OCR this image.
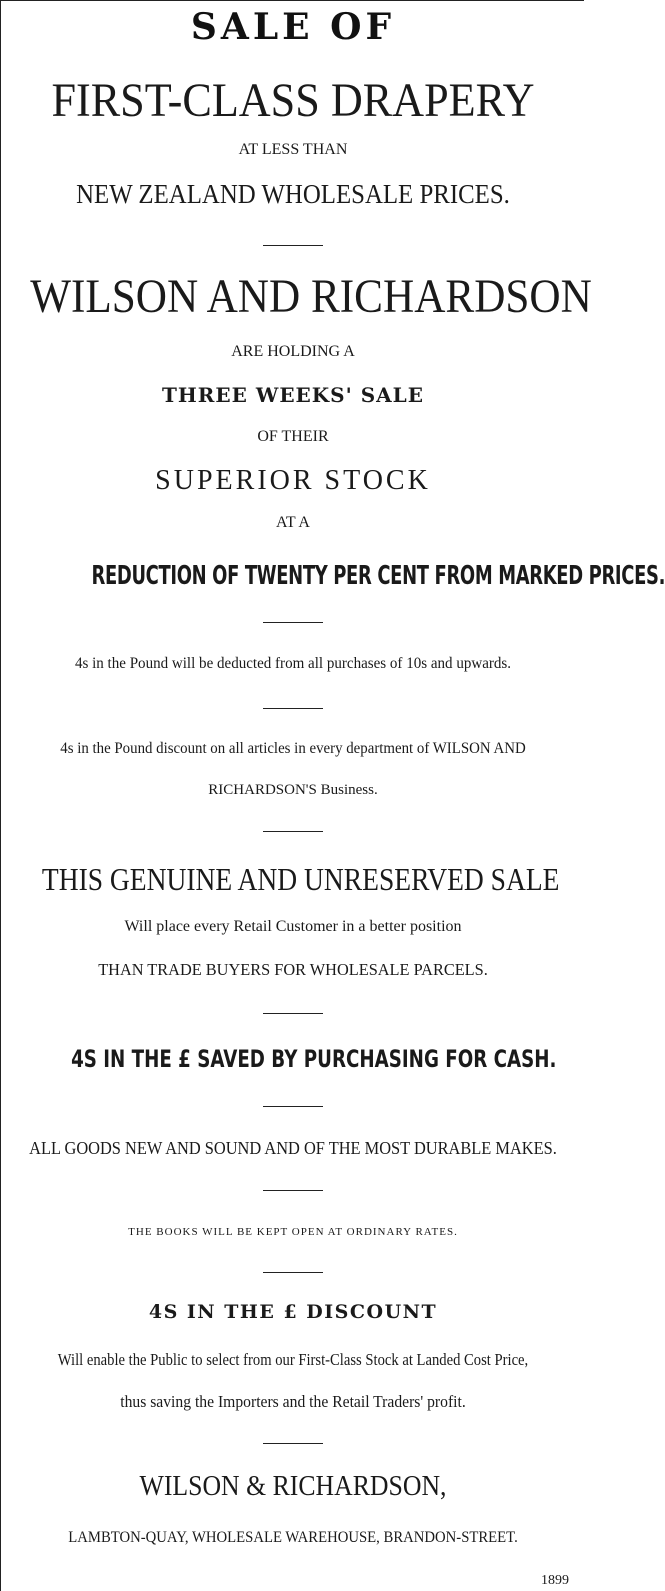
SALE OF
FIRST-CLASS DRAPERY
AT LESS THAN
NEW ZEALAND WHOLESALE PRICES.
WILSON AND RICHARDSON
ARE HOLDING A
THREE WEEKS' SALE
OF THEIR
SUPERIOR STOCK
AT A
REDUCTION OF TWENTY PER CENT FROM MARKED PRICES.
4s in the Pound will be deducted from all purchases of 10s and upwards.
4s in the Pound discount on all articles in every department of WILSON AND
RICHARDSON'S Business.
THIS GENUINE AND UNRESERVED SALE
Will place every Retail Customer in a better position
THAN TRADE BUYERS FOR WHOLESALE PARCELS.
4S IN THE £ SAVED BY PURCHASING FOR CASH.
ALL GOODS NEW AND SOUND AND OF THE MOST DURABLE MAKES.
THE BOOKS WILL BE KEPT OPEN AT ORDINARY RATES.
4S IN THE £ DISCOUNT
Will enable the Public to select from our First-Class Stock at Landed Cost Price,
thus saving the Importers and the Retail Traders' profit.
WILSON & RICHARDSON,
LAMBTON-QUAY, WHOLESALE WAREHOUSE, BRANDON-STREET.
1899
